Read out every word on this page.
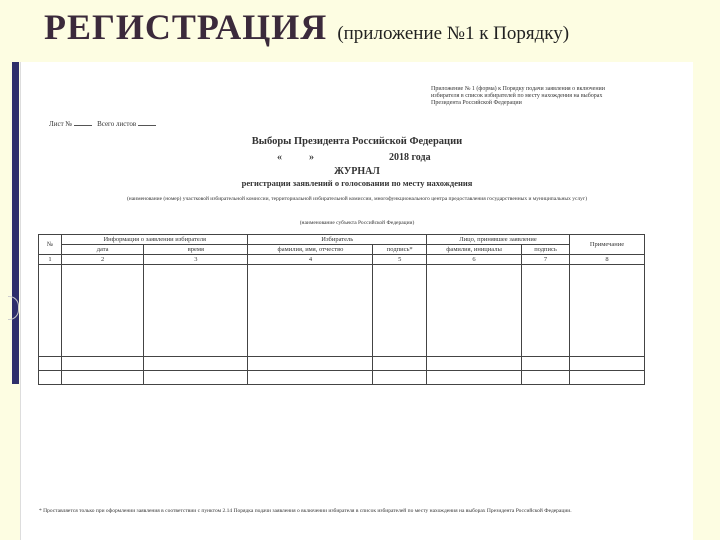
РЕГИСТРАЦИЯ (приложение №1 к Порядку)
Приложение № 1 (форма) к Порядку подачи заявления о включении избирателя в список избирателей по месту нахождения на выборах Президента Российской Федерации
Лист №	Всего листов
Выборы Президента Российской Федерации
«	»	2018 года
ЖУРНАЛ
регистрации заявлений о голосовании по месту нахождения
(наименование (номер) участковой избирательной комиссии, территориальной избирательной комиссии, многофункционального центра предоставления государственных и муниципальных услуг)
(наименование субъекта Российской Федерации)
№	Информация о заявлении избирателя		Избиратель		Лицо, принявшее заявление		Примечание
	дата	время	фамилия, имя, отчество	подпись*	фамилия, инициалы	подпись	
1	2	3	4	5	6	7	8

* Проставляется только при оформлении заявления в соответствии с пунктом 2.14 Порядка подачи заявления о включении избирателя в список избирателей по месту нахождения на выборах Президента Российской Федерации.
